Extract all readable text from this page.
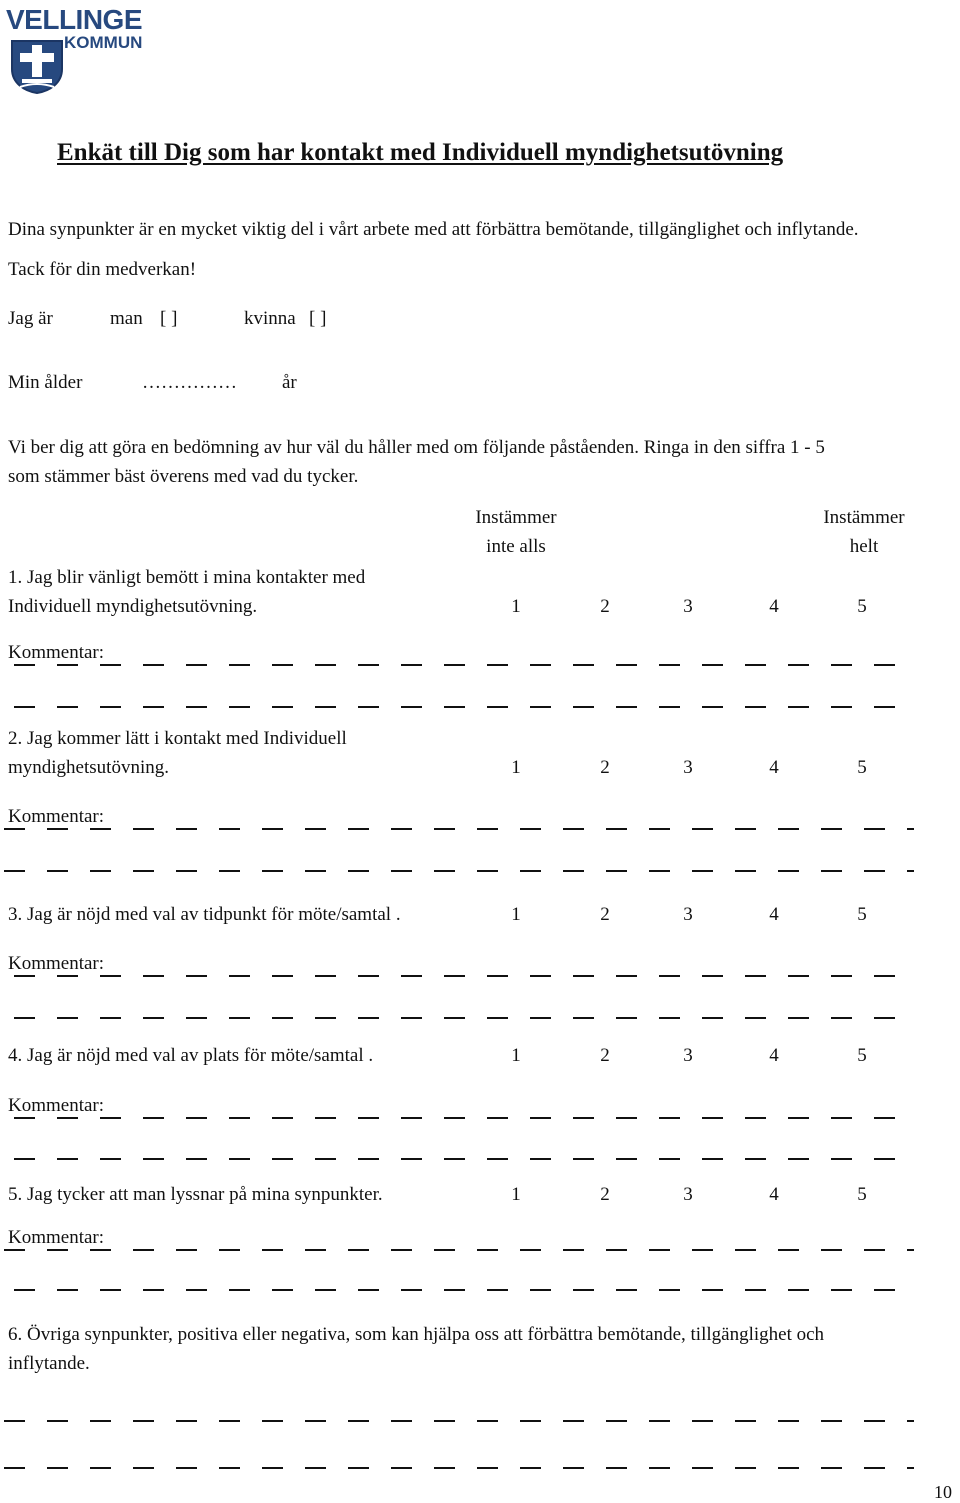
VELLINGE
KOMMUN
Enkät till Dig som har kontakt med Individuell myndighetsutövning
Dina synpunkter är en mycket viktig del i vårt arbete med att förbättra bemötande, tillgänglighet och inflytande.
Tack för din medverkan!
Jag är	man [ ]	kvinna [ ]
Min ålder	…………… år
Vi ber dig att göra en bedömning av hur väl du håller med om följande påståenden. Ringa in den siffra 1 - 5
som stämmer bäst överens med vad du tycker.
Instämmer
inte alls
Instämmer
helt
1. Jag blir vänligt bemött i mina kontakter med
Individuell myndighetsutövning.	1	2	3	4	5
Kommentar:
2. Jag kommer lätt i kontakt med Individuell
myndighetsutövning.	1	2	3	4	5
Kommentar:
3. Jag är nöjd med val av tidpunkt för möte/samtal .	1	2	3	4	5
Kommentar:
4. Jag är nöjd med val av plats för möte/samtal .	1	2	3	4	5
Kommentar:
5. Jag tycker att man lyssnar på mina synpunkter.	1	2	3	4	5
Kommentar:
6. Övriga synpunkter, positiva eller negativa, som kan hjälpa oss att förbättra bemötande, tillgänglighet och
inflytande.
10
